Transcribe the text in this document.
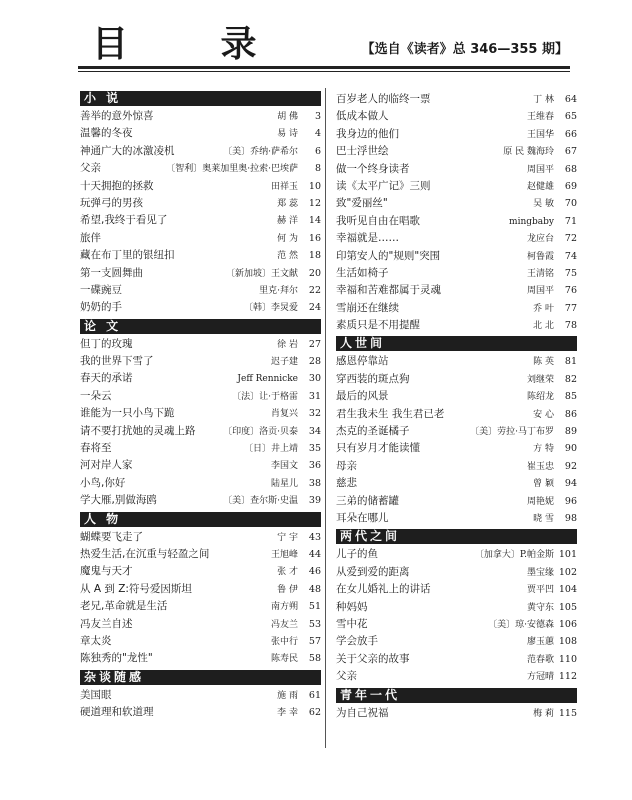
目 录	【选自《读者》总 346—355 期】
小 说
善举的意外惊喜	胡 佛	3
温馨的冬夜	易 诗	4
神通广大的冰激凌机	〔美〕乔纳·萨希尔	6
父亲	〔智利〕奥莱加里奥·拉索·巴埃萨	8
十天拥抱的拯救	田祥玉	10
玩弹弓的男孩	郑 蕊	12
希望,我终于看见了	赫 洋	14
旅伴	何 为	16
藏在布丁里的银纽扣	范 然	18
第一支圆舞曲	〔新加坡〕王文献	20
一碟豌豆	里克·拜尔	22
奶奶的手	〔韩〕李炅爱	24
论 文
但丁的玫瑰	徐 岩	27
我的世界下雪了	迟子建	28
春天的承诺	Jeff Rennicke	30
一朵云	〔法〕让·于格雷	31
谁能为一只小鸟下跪	肖复兴	32
请不要打扰她的灵魂上路	〔印度〕洛贡·贝泰	34
春将至	〔日〕井上靖	35
河对岸人家	李国文	36
小鸟,你好	陆星儿	38
学大雁,别做海鸥	〔美〕查尔斯·史温	39
人 物
蝴蝶要飞走了	宁 宇	43
热爱生活,在沉重与轻盈之间	王旭峰	44
魔鬼与天才	张 才	46
从 A 到 Z:符号爱因斯坦	鲁 伊	48
老兄,革命就是生活	南方朔	51
冯友兰自述	冯友兰	53
章太炎	张中行	57
陈独秀的"龙性"	陈寿民	58
杂谈随感
美国眼	施 雨	61
硬道理和软道理	李 幸	62
百岁老人的临终一票	丁 林	64
低成本做人	王维春	65
我身边的他们	王国华	66
巴士浮世绘	原 民 魏海玲	67
做一个终身读者	周国平	68
读《太平广记》三则	赵健雄	69
致"爱丽丝"	吴 敏	70
我听见自由在唱歌	mingbaby	71
幸福就是……	龙应台	72
印第安人的"规则"突围	柯鲁霞	74
生活如椅子	王清铭	75
幸福和苦难都属于灵魂	周国平	76
雪崩还在继续	乔 叶	77
素质只是不用提醒	北 北	78
人世间
感恩停靠站	陈 英	81
穿西装的斑点狗	刘继荣	82
最后的风景	陈绍龙	85
君生我未生 我生君已老	安 心	86
杰克的圣诞橘子	〔美〕劳拉·马丁布罗	89
只有岁月才能读懂	方 特	90
母亲	崔玉忠	92
慈悲	曾 颖	94
三弟的储蓄罐	周艳妮	96
耳朵在哪儿	晓 雪	98
两代之间
儿子的鱼	〔加拿大〕P.帕金斯 101
从爱到爱的距离	墨宝缘 102
在女儿婚礼上的讲话	贾平凹 104
种妈妈	黄守东 105
雪中花	〔美〕琼·安德森 106
学会放手	廖玉蕙 108
关于父亲的故事	范春歌 110
父亲	方冠晴 112
青年一代
为自己祝福	梅 莉 115
